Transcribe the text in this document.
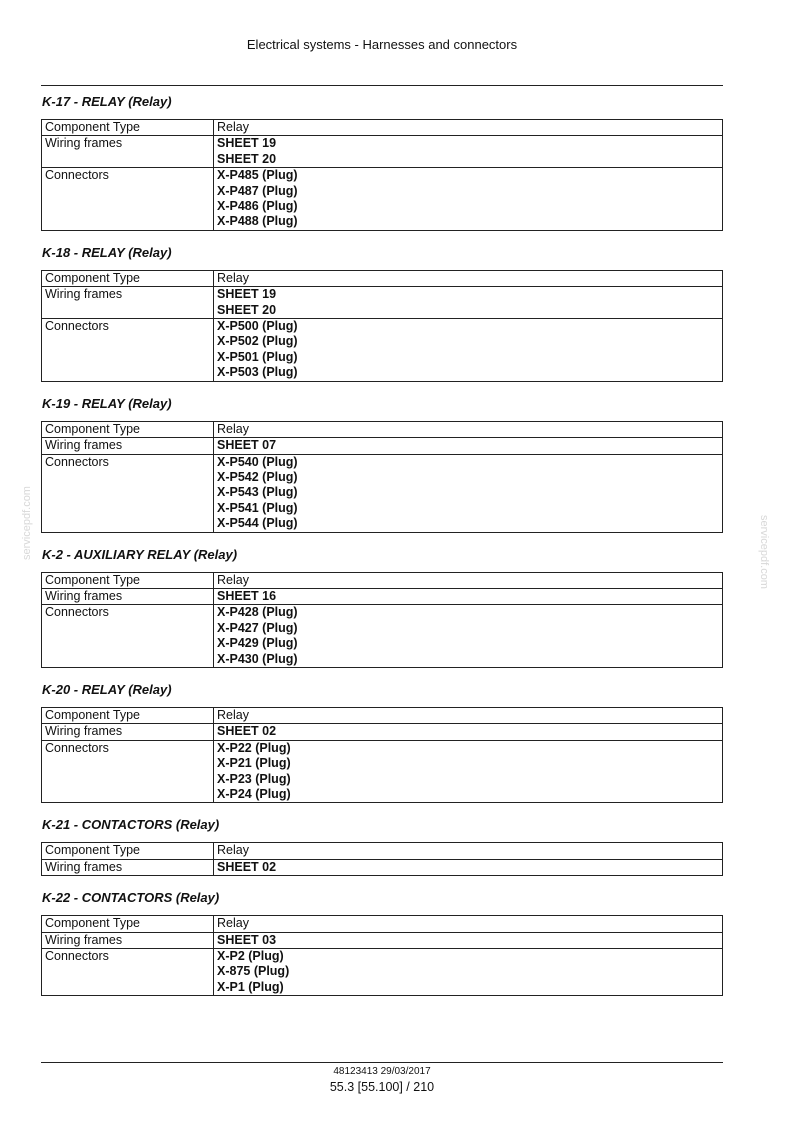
Electrical systems - Harnesses and connectors
servicepdf.com	servicepdf.com
K-17 - RELAY (Relay)
Component Type	Relay
Wiring frames	SHEET 19
SHEET 20

Connectors	X-P485 (Plug)
X-P487 (Plug)
X-P486 (Plug)
X-P488 (Plug)
K-18 - RELAY (Relay)
Component Type	Relay
Wiring frames	SHEET 19
SHEET 20

Connectors	X-P500 (Plug)
X-P502 (Plug)
X-P501 (Plug)
X-P503 (Plug)
K-19 - RELAY (Relay)
Component Type	Relay
Wiring frames	SHEET 07

Connectors	X-P540 (Plug)
X-P542 (Plug)
X-P543 (Plug)
X-P541 (Plug)
X-P544 (Plug)
K-2 - AUXILIARY RELAY (Relay)
Component Type	Relay
Wiring frames	SHEET 16

Connectors	X-P428 (Plug)
X-P427 (Plug)
X-P429 (Plug)
X-P430 (Plug)
K-20 - RELAY (Relay)
Component Type	Relay
Wiring frames	SHEET 02

Connectors	X-P22 (Plug)
X-P21 (Plug)
X-P23 (Plug)
X-P24 (Plug)
K-21 - CONTACTORS (Relay)
Component Type	Relay
Wiring frames	SHEET 02
K-22 - CONTACTORS (Relay)
Component Type	Relay
Wiring frames	SHEET 03

Connectors	X-P2 (Plug)
X-875 (Plug)
X-P1 (Plug)
48123413 29/03/2017
55.3 [55.100] / 210
